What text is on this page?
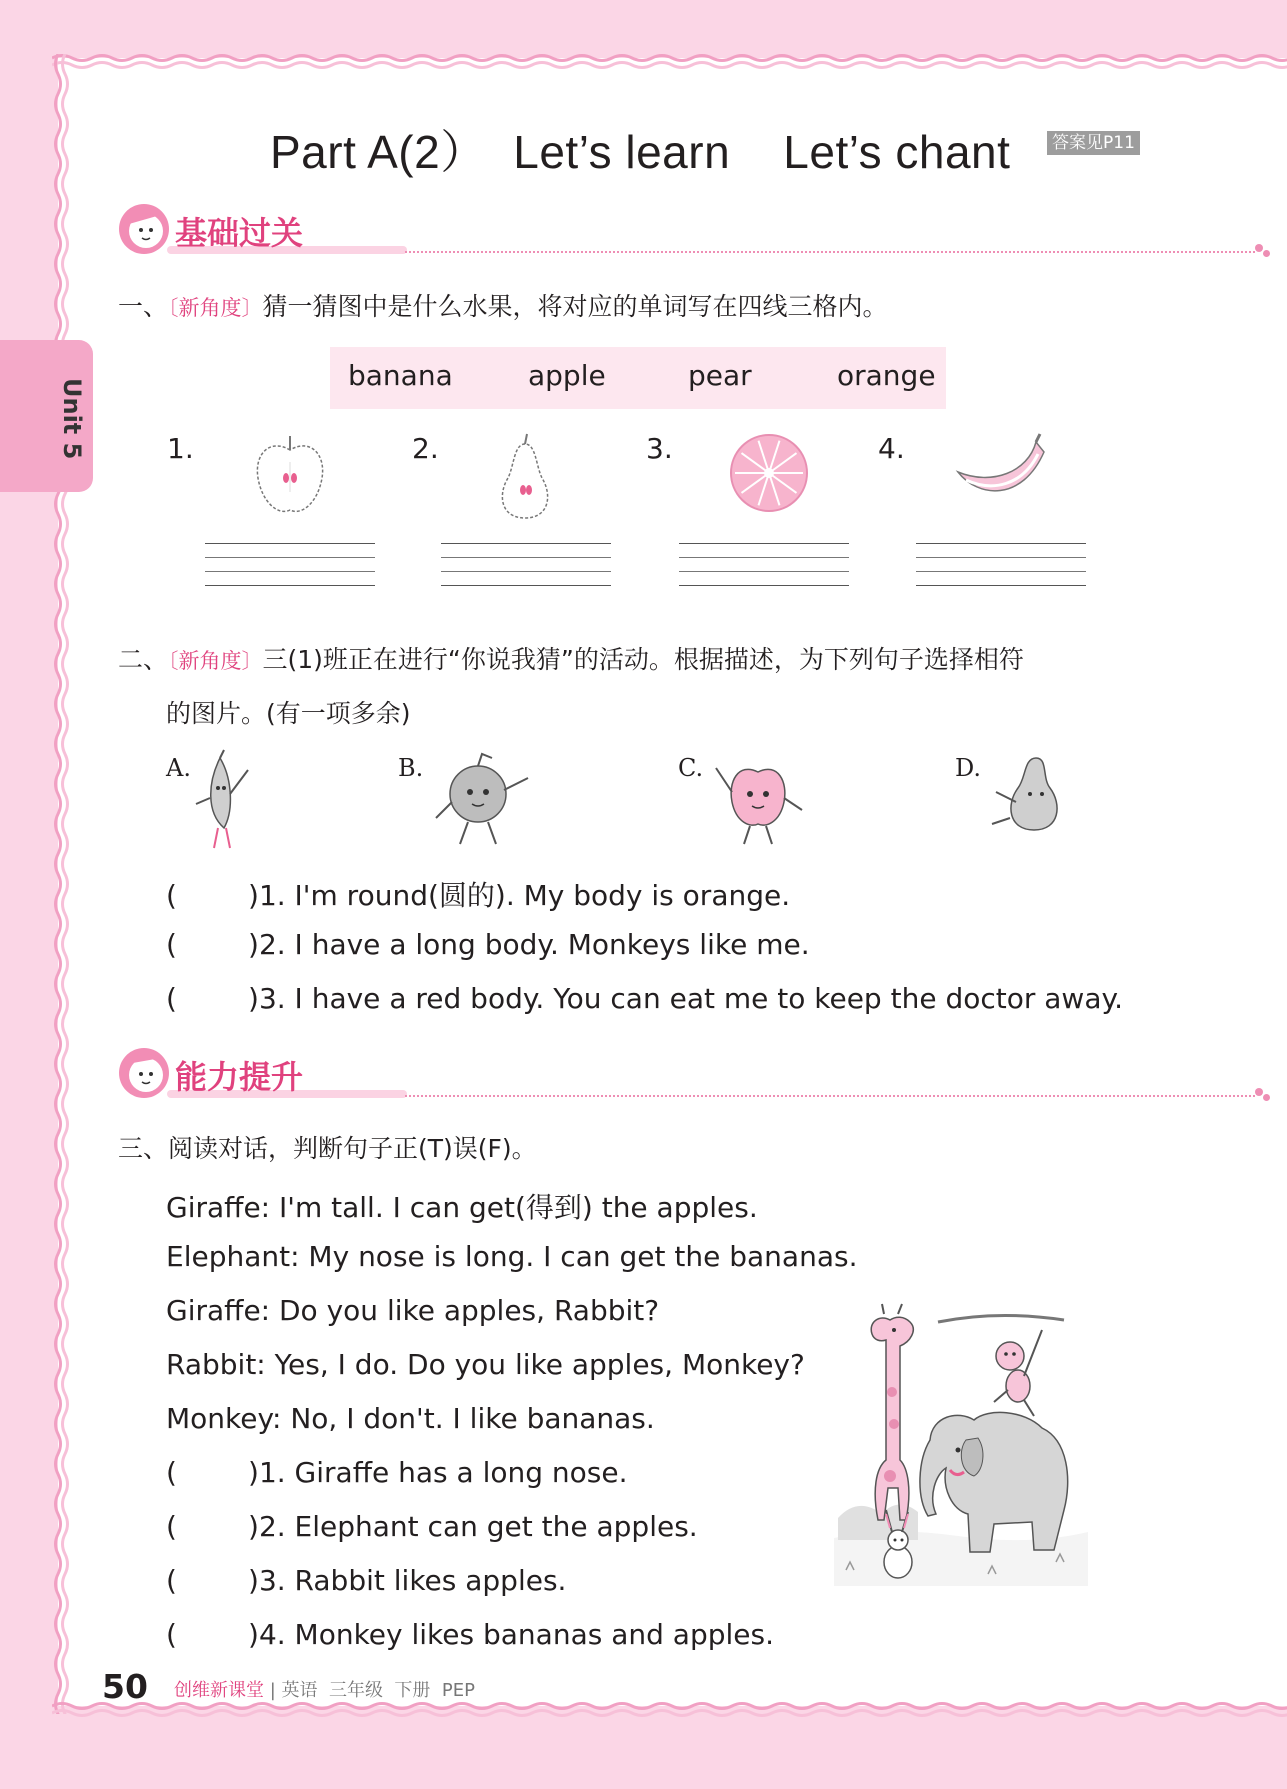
Unit 5
Part A(2）  Let’s learn    Let’s chant 答案见P11
基础过关
一、〔新角度〕猜一猜图中是什么水果，将对应的单词写在四线三格内。
banana	apple	pear	orange
1.	2.	3.	4.
二、〔新角度〕三(1)班正在进行“你说我猜”的活动。根据描述，为下列句子选择相符
的图片。(有一项多余)
A.	B.	C.	D.
(	)1. I'm round(圆的). My body is orange.
(	)2. I have a long body. Monkeys like me.
(	)3. I have a red body. You can eat me to keep the doctor away.
能力提升
三、阅读对话，判断句子正(T)误(F)。
Giraffe: I'm tall. I can get(得到) the apples.
Elephant: My nose is long. I can get the bananas.
Giraffe: Do you like apples, Rabbit?
Rabbit: Yes, I do. Do you like apples, Monkey?
Monkey: No, I don't. I like bananas.
(	)1. Giraffe has a long nose.
(	)2. Elephant can get the apples.
(	)3. Rabbit likes apples.
(	)4. Monkey likes bananas and apples.
50 创维新课堂 | 英语  三年级  下册  PEP
